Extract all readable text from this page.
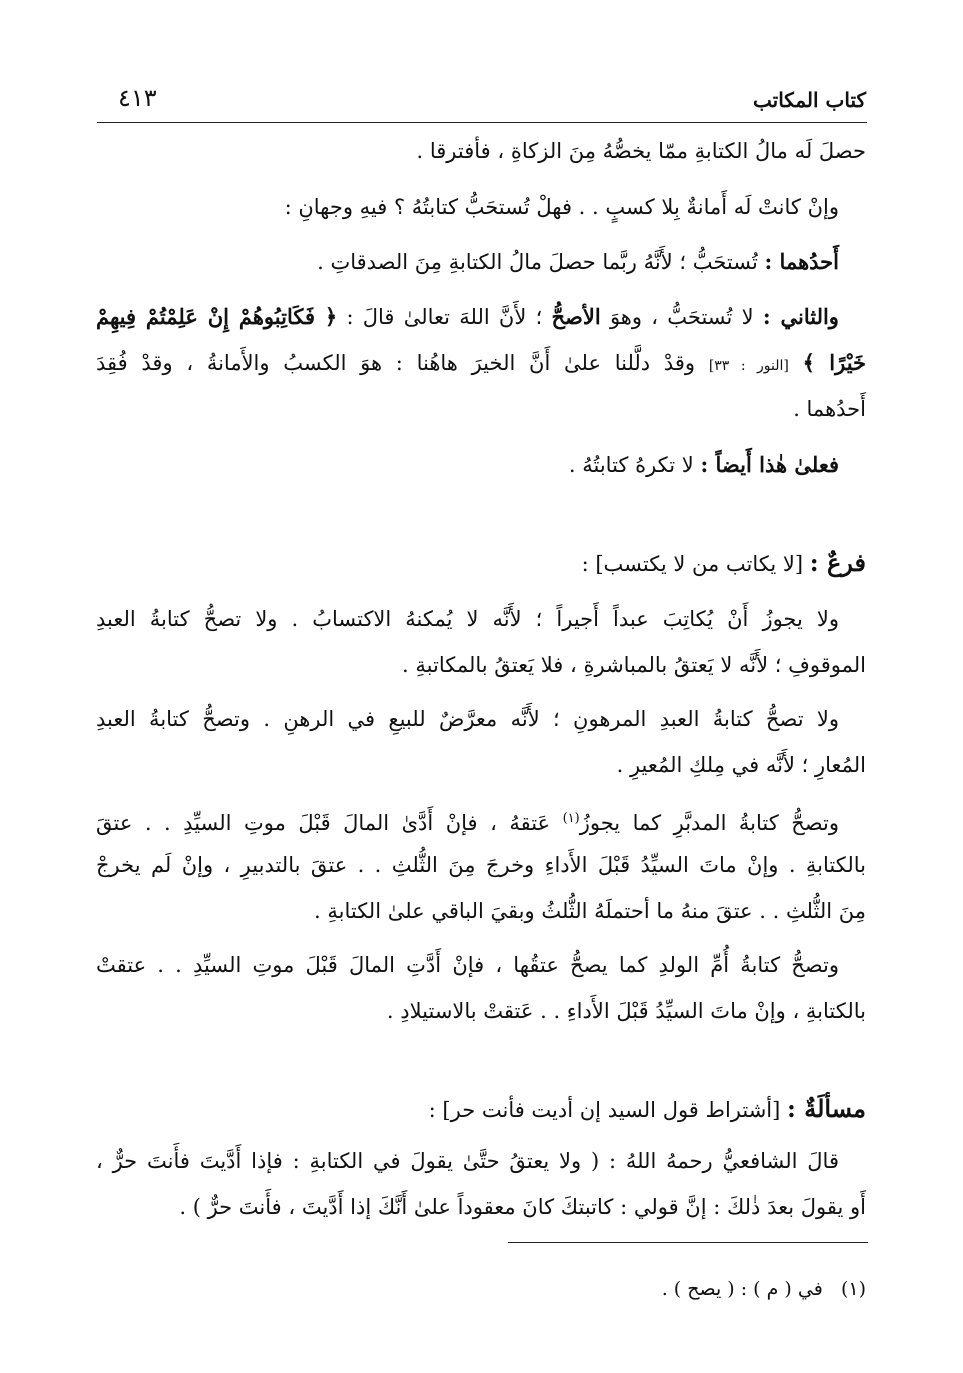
كتاب المكاتب
٤١٣
حصلَ لَه مالُ الكتابةِ ممّا يخصُّهُ مِنَ الزكاةِ ، فأفترقا .
وإنْ كانتْ لَه أَمانةٌ بِلا كسبٍ . . فهلْ تُستحَبُّ كتابتُهُ ؟ فيهِ وجهانِ :
أَحدُهما : تُستحَبُّ ؛ لأَنَّهُ ربَّما حصلَ مالُ الكتابةِ مِنَ الصدقاتِ .
والثاني : لا تُستحَبُّ ، وهوَ الأصحُّ ؛ لأَنَّ اللهَ تعالىٰ قالَ : ﴿ فَكَاتِبُوهُمْ إِنْ عَلِمْتُمْ فِيهِمْ
خَيْرًا ﴾ [النور : ٣٣] وقدْ دلَّلنا علىٰ أَنَّ الخيرَ هاهُنا : هوَ الكسبُ والأَمانةُ ، وقدْ فُقِدَ
أَحدُهما .
فعلىٰ هٰذا أَيضاً : لا تكرهُ كتابتُهُ .
فرعٌ : [لا يكاتب من لا يكتسب] :
ولا يجوزُ أَنْ يُكاتِبَ عبداً أَجيراً ؛ لأَنَّه لا يُمكنهُ الاكتسابُ . ولا تصحُّ كتابةُ العبدِ
الموقوفِ ؛ لأَنَّه لا يَعتقُ بالمباشرةِ ، فلا يَعتقُ بالمكاتبةِ .
ولا تصحُّ كتابةُ العبدِ المرهونِ ؛ لأَنَّه معرَّضٌ للبيعِ في الرهنِ . وتصحُّ كتابةُ العبدِ
المُعارِ ؛ لأَنَّه في مِلكِ المُعيرِ .
وتصحُّ كتابةُ المدبَّرِ كما يجوزُ$^{(١)}$ عَتقهُ ، فإنْ أَدَّىٰ المالَ قَبْلَ موتِ السيِّدِ . . عتقَ
بالكتابةِ . وإنْ ماتَ السيِّدُ قَبْلَ الأَداءِ وخرجَ مِنَ الثُّلثِ . . عتقَ بالتدبيرِ ، وإنْ لَم يخرجْ
مِنَ الثُّلثِ . . عتقَ منهُ ما أحتملَهُ الثُّلثُ وبقيَ الباقي علىٰ الكتابةِ .
وتصحُّ كتابةُ أُمِّ الولدِ كما يصحُّ عتقُها ، فإنْ أَدَّتِ المالَ قَبْلَ موتِ السيِّدِ . . عتقتْ
بالكتابةِ ، وإنْ ماتَ السيِّدُ قَبْلَ الأَداءِ . . عَتقتْ بالاستيلادِ .
مسألَةٌ : [أشتراط قول السيد إن أديت فأنت حر] :
قالَ الشافعيُّ رحمهُ اللهُ : ( ولا يعتقُ حتَّىٰ يقولَ في الكتابةِ : فإذا أَدَّيتَ فأَنتَ حرٌّ ،
أَو يقولَ بعدَ ذٰلكَ : إنَّ قولي : كاتبتكَ كانَ معقوداً علىٰ أَنَّكَ إذا أَدَّيتَ ، فأَنتَ حرٌّ ) .
(١)   في ( م ) : ( يصح ) .
